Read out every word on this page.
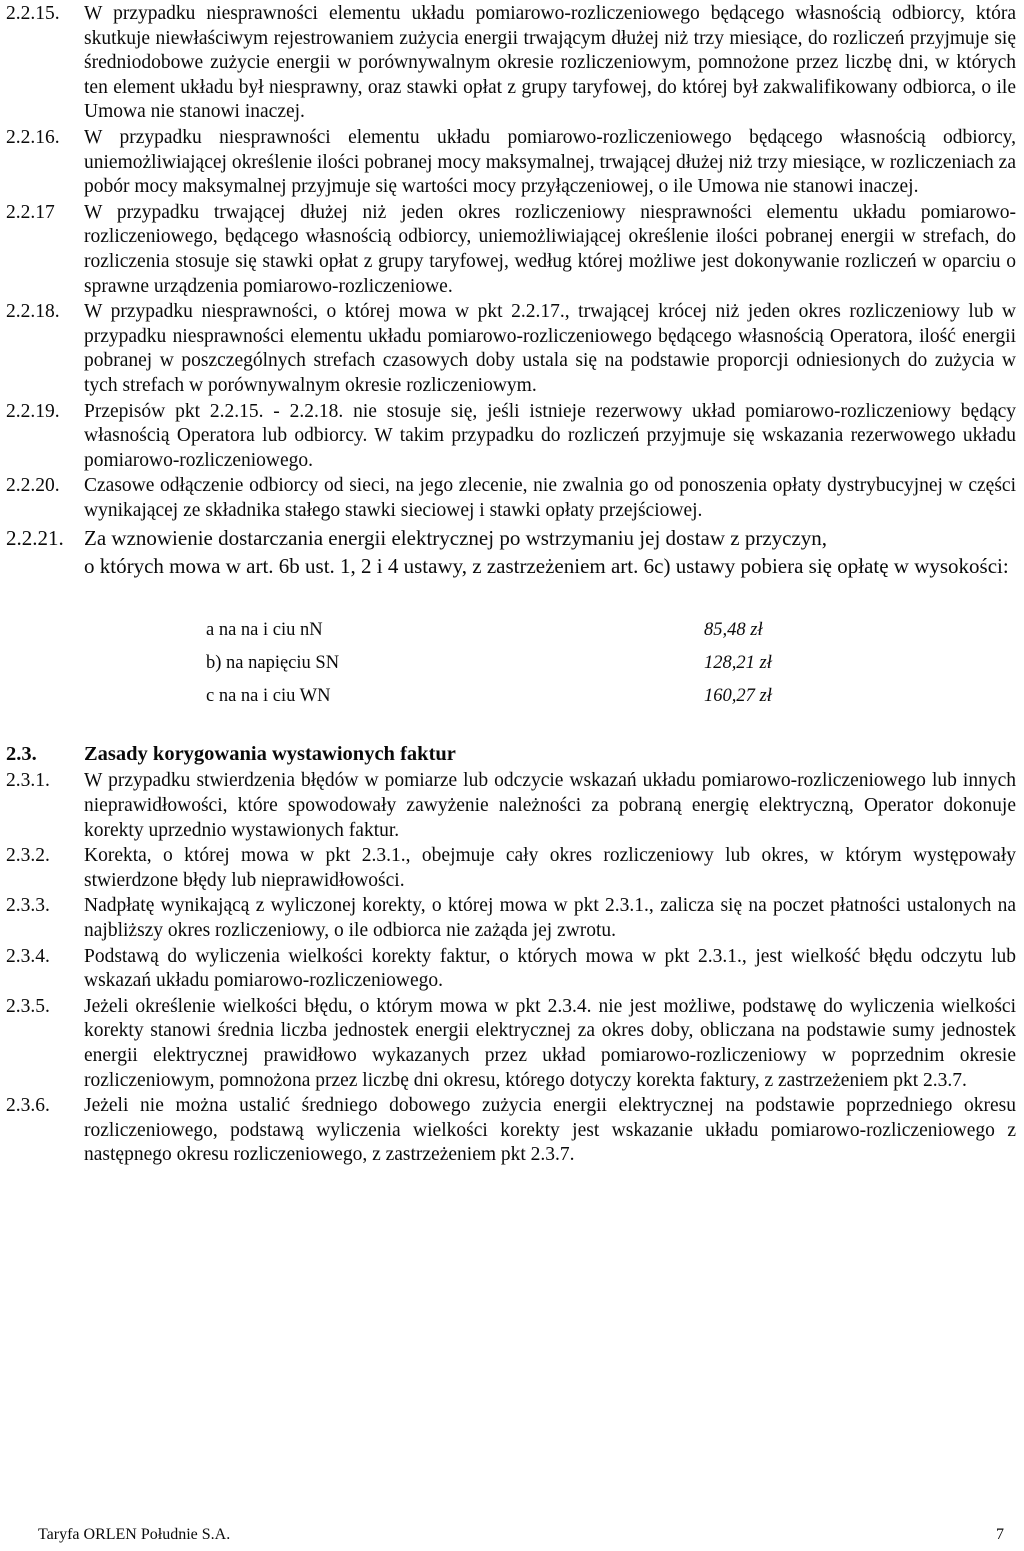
2.2.15.	W przypadku niesprawności elementu układu pomiarowo-rozliczeniowego będącego własnością odbiorcy, która skutkuje niewłaściwym rejestrowaniem zużycia energii trwającym dłużej niż trzy miesiące, do rozliczeń przyjmuje się średniodobowe zużycie energii w porównywalnym okresie rozliczeniowym, pomnożone przez liczbę dni, w których ten element układu był niesprawny, oraz stawki opłat z grupy taryfowej, do której był zakwalifikowany odbiorca, o ile Umowa nie stanowi inaczej.
2.2.16.	W przypadku niesprawności elementu układu pomiarowo-rozliczeniowego będącego własnością odbiorcy, uniemożliwiającej określenie ilości pobranej mocy maksymalnej, trwającej dłużej niż trzy miesiące, w rozliczeniach za pobór mocy maksymalnej przyjmuje się wartości mocy przyłączeniowej, o ile Umowa nie stanowi inaczej.
2.2.17	W przypadku trwającej dłużej niż jeden okres rozliczeniowy niesprawności elementu układu pomiarowo-rozliczeniowego, będącego własnością odbiorcy, uniemożliwiającej określenie ilości pobranej energii w strefach, do rozliczenia stosuje się stawki opłat z grupy taryfowej, według której możliwe jest dokonywanie rozliczeń w oparciu o sprawne urządzenia pomiarowo-rozliczeniowe.
2.2.18.	W przypadku niesprawności, o której mowa w pkt 2.2.17., trwającej krócej niż jeden okres rozliczeniowy lub w przypadku niesprawności elementu układu pomiarowo-rozliczeniowego będącego własnością Operatora, ilość energii pobranej w poszczególnych strefach czasowych doby ustala się na podstawie proporcji odniesionych do zużycia w tych strefach w porównywalnym okresie rozliczeniowym.
2.2.19.	Przepisów pkt 2.2.15. - 2.2.18. nie stosuje się, jeśli istnieje rezerwowy układ pomiarowo-rozliczeniowy będący własnością Operatora lub odbiorcy. W takim przypadku do rozliczeń przyjmuje się wskazania rezerwowego układu pomiarowo-rozliczeniowego.
2.2.20.	Czasowe odłączenie odbiorcy od sieci, na jego zlecenie, nie zwalnia go od ponoszenia opłaty dystrybucyjnej w części wynikającej ze składnika stałego stawki sieciowej i stawki opłaty przejściowej.
2.2.21. Za wznowienie dostarczania energii elektrycznej po wstrzymaniu jej dostaw z przyczyn,
o których mowa w art. 6b ust. 1, 2 i 4 ustawy, z zastrzeżeniem art. 6c) ustawy pobiera się opłatę w wysokości:
a na na i ciu nN	85,48 zł
b) na napięciu SN	128,21 zł
c na na i ciu WN	160,27 zł
2.3.	Zasady korygowania wystawionych faktur
2.3.1.	W przypadku stwierdzenia błędów w pomiarze lub odczycie wskazań układu pomiarowo-rozliczeniowego lub innych nieprawidłowości, które spowodowały zawyżenie należności za pobraną energię elektryczną, Operator dokonuje korekty uprzednio wystawionych faktur.
2.3.2.	Korekta, o której mowa w pkt 2.3.1., obejmuje cały okres rozliczeniowy lub okres, w którym występowały stwierdzone błędy lub nieprawidłowości.
2.3.3.	Nadpłatę wynikającą z wyliczonej korekty, o której mowa w pkt 2.3.1., zalicza się na poczet płatności ustalonych na najbliższy okres rozliczeniowy, o ile odbiorca nie zażąda jej zwrotu.
2.3.4.	Podstawą do wyliczenia wielkości korekty faktur, o których mowa w pkt 2.3.1., jest wielkość błędu odczytu lub wskazań układu pomiarowo-rozliczeniowego.
2.3.5.	Jeżeli określenie wielkości błędu, o którym mowa w pkt 2.3.4. nie jest możliwe, podstawę do wyliczenia wielkości korekty stanowi średnia liczba jednostek energii elektrycznej za okres doby, obliczana na podstawie sumy jednostek energii elektrycznej prawidłowo wykazanych przez układ pomiarowo-rozliczeniowy w poprzednim okresie rozliczeniowym, pomnożona przez liczbę dni okresu, którego dotyczy korekta faktury, z zastrzeżeniem pkt 2.3.7.
2.3.6.	Jeżeli nie można ustalić średniego dobowego zużycia energii elektrycznej na podstawie poprzedniego okresu rozliczeniowego, podstawą wyliczenia wielkości korekty jest wskazanie układu pomiarowo-rozliczeniowego z następnego okresu rozliczeniowego, z zastrzeżeniem pkt 2.3.7.
Taryfa ORLEN Południe S.A.	7
